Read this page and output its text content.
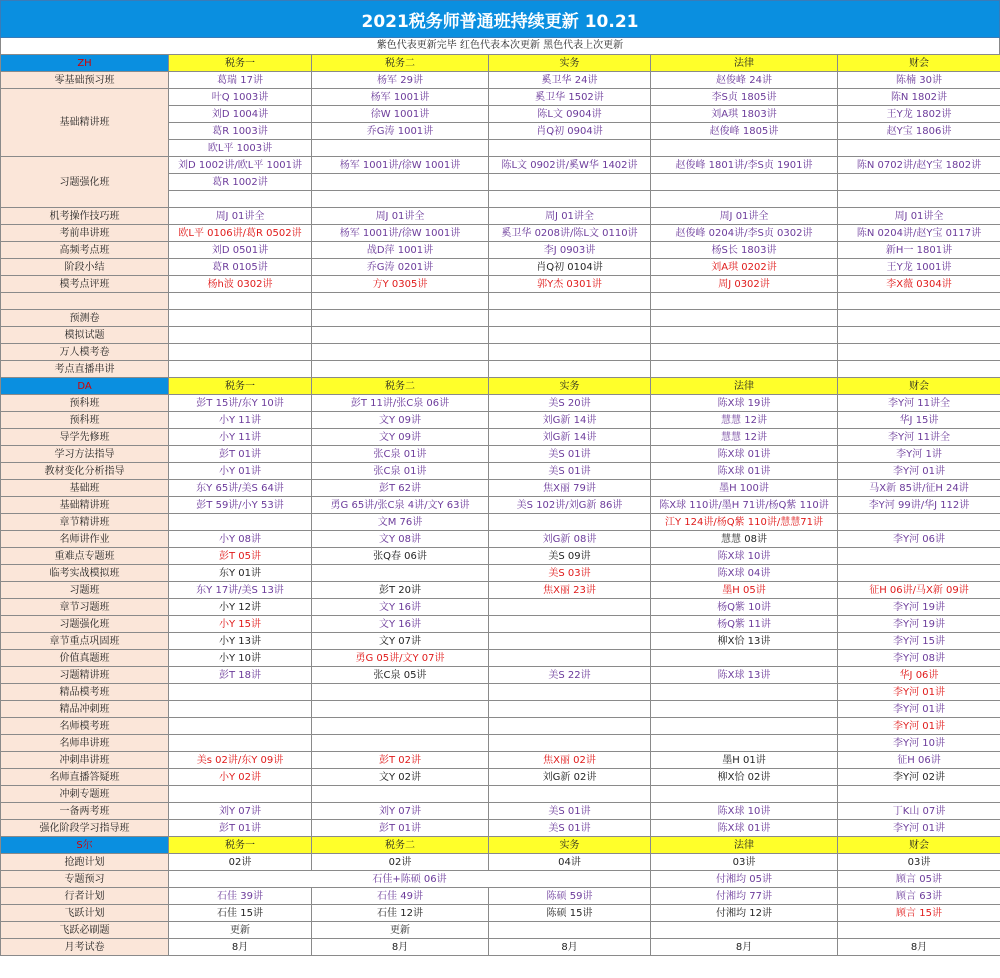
2021税务师普通班持续更新 10.21
紫色代表更新完毕 红色代表本次更新 黑色代表上次更新
ZH	税务一	税务二	实务	法律	财会
零基础预习班	葛瑞 17讲	杨军 29讲	奚卫华 24讲	赵俊峰 24讲	陈楠 30讲
基础精讲班	叶Q 1003讲	杨军 1001讲	奚卫华 1502讲	李S贞 1805讲	陈N 1802讲
	刘D 1004讲	徐W 1001讲	陈L文 0904讲	刘A琪 1803讲	王Y龙 1802讲
	葛R 1003讲	乔G涛 1001讲	肖Q初 0904讲	赵俊峰 1805讲	赵Y宝 1806讲
	欧L平 1003讲				
习题强化班	刘D 1002讲/欧L平 1001讲	杨军 1001讲/徐W 1001讲	陈L文 0902讲/奚W华 1402讲	赵俊峰 1801讲/李S贞 1901讲	陈N 0702讲/赵Y宝 1802讲
	葛R 1002讲				

机考操作技巧班	周J 01讲全	周J 01讲全	周J 01讲全	周J 01讲全	周J 01讲全
考前串讲班	欧L平 0106讲/葛R 0502讲	杨军 1001讲/徐W 1001讲	奚卫华 0208讲/陈L文 0110讲	赵俊峰 0204讲/李S贞 0302讲	陈N 0204讲/赵Y宝 0117讲
高频考点班	刘D 0501讲	战D萍 1001讲	李J 0903讲	杨S长 1803讲	新H一 1801讲
阶段小结	葛R 0105讲	乔G涛 0201讲	肖Q初 0104讲	刘A琪 0202讲	王Y龙 1001讲
模考点评班	杨h波 0302讲	方Y 0305讲	郭Y杰 0301讲	周J 0302讲	李X薇 0304讲

预测卷					
模拟试题					
万人模考卷					
考点直播串讲					
DA	税务一	税务二	实务	法律	财会
预科班	彭T 15讲/东Y 10讲	彭T 11讲/张C泉 06讲	美S 20讲	陈X球 19讲	李Y河 11讲全
预科班	小Y 11讲	文Y 09讲	刘G新 14讲	慧慧 12讲	华J 15讲
导学先修班	小Y 11讲	文Y 09讲	刘G新 14讲	慧慧 12讲	李Y河 11讲全
学习方法指导	彭T 01讲	张C泉 01讲	美S 01讲	陈X球 01讲	李Y河 1讲
教材变化分析指导	小Y 01讲	张C泉 01讲	美S 01讲	陈X球 01讲	李Y河 01讲
基础班	东Y 65讲/美S 64讲	彭T 62讲	焦X丽 79讲	墨H 100讲	马X新 85讲/征H 24讲
基础精讲班	彭T 59讲/小Y 53讲	勇G 65讲/张C泉 4讲/文Y 63讲	美S 102讲/刘G新 86讲	陈X球 110讲/墨H 71讲/杨Q紫 110讲	李Y河 99讲/华J 112讲
章节精讲班		文M 76讲		江Y 124讲/杨Q紫 110讲/慧慧71讲	
名师讲作业	小Y 08讲	文Y 08讲	刘G新 08讲	慧慧 08讲	李Y河 06讲
重难点专题班	彭T 05讲	张Q春 06讲	美S 09讲	陈X球 10讲	
临考实战模拟班	东Y 01讲		美S 03讲	陈X球 04讲	
习题班	东Y 17讲/美S 13讲	彭T 20讲	焦X丽 23讲	墨H 05讲	征H 06讲/马X新 09讲
章节习题班	小Y 12讲	文Y 16讲		杨Q紫 10讲	李Y河 19讲
习题强化班	小Y 15讲	文Y 16讲		杨Q紫 11讲	李Y河 19讲
章节重点巩固班	小Y 13讲	文Y 07讲		柳X恰 13讲	李Y河 15讲
价值真题班	小Y 10讲	勇G 05讲/文Y 07讲			李Y河 08讲
习题精讲班	彭T 18讲	张C泉 05讲	美S 22讲	陈X球 13讲	华J 06讲
精品模考班					李Y河 01讲
精品冲刺班					李Y河 01讲
名师模考班					李Y河 01讲
名师串讲班					李Y河 10讲
冲刺串讲班	美s 02讲/东Y 09讲	彭T 02讲	焦X丽 02讲	墨H 01讲	征H 06讲
名师直播答疑班	小Y 02讲	文Y 02讲	刘G新 02讲	柳X恰 02讲	李Y河 02讲
冲刺专题班					
一备两考班	刘Y 07讲	刘Y 07讲	美S 01讲	陈X球 10讲	丁K山 07讲
强化阶段学习指导班	彭T 01讲	彭T 01讲	美S 01讲	陈X球 01讲	李Y河 01讲
S尔	税务一	税务二	实务	法律	财会
抢跑计划	02讲	02讲	04讲	03讲	03讲
专题预习	石佳+陈硕 06讲			付湘均 05讲	顾言 05讲
行者计划	石佳 39讲	石佳 49讲	陈硕 59讲	付湘均 77讲	顾言 63讲
飞跃计划	石佳 15讲	石佳 12讲	陈硕 15讲	付湘均 12讲	顾言 15讲
飞跃必刷题	更新	更新			
月考试卷	8月	8月	8月	8月	8月
